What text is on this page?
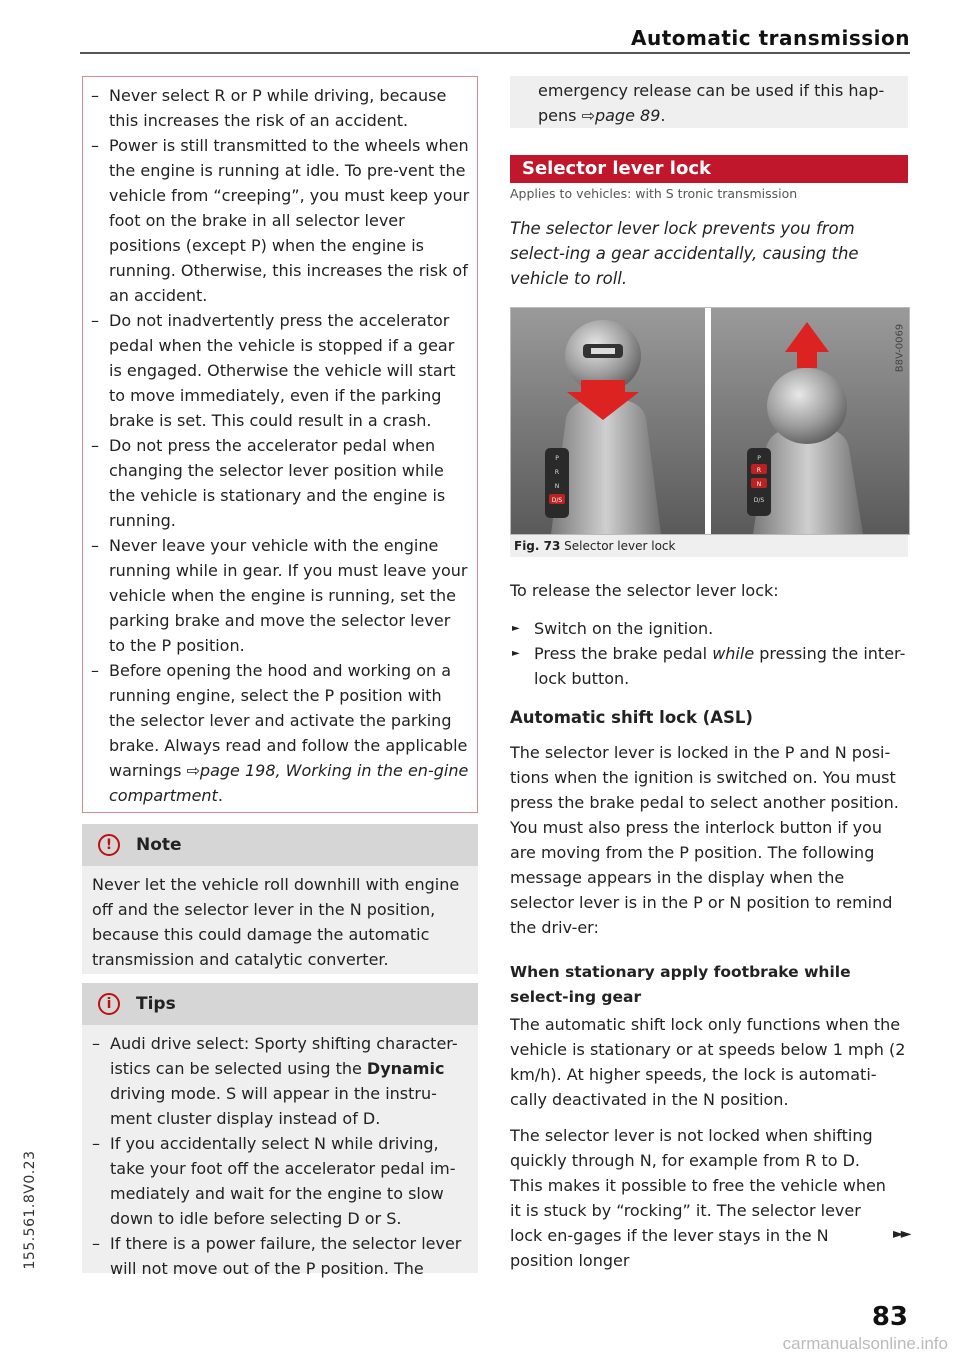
Automatic transmission
155.561.8V0.23
– Never select R or P while driving, because this increases the risk of an accident.
– Power is still transmitted to the wheels when the engine is running at idle. To pre-vent the vehicle from “creeping”, you must keep your foot on the brake in all selector lever positions (except P) when the engine is running. Otherwise, this increases the risk of an accident.
– Do not inadvertently press the accelerator pedal when the vehicle is stopped if a gear is engaged. Otherwise the vehicle will start to move immediately, even if the parking brake is set. This could result in a crash.
– Do not press the accelerator pedal when changing the selector lever position while the vehicle is stationary and the engine is running.
– Never leave your vehicle with the engine running while in gear. If you must leave your vehicle when the engine is running, set the parking brake and move the selector lever to the P position.
– Before opening the hood and working on a running engine, select the P position with the selector lever and activate the parking brake. Always read and follow the applicable warnings ⇨page 198, Working in the en-gine compartment.
!	Note
Never let the vehicle roll downhill with engine off and the selector lever in the N position, because this could damage the automatic transmission and catalytic converter.
i	Tips
– Audi drive select: Sporty shifting character-istics can be selected using the Dynamic driving mode. S will appear in the instru-ment cluster display instead of D.
– If you accidentally select N while driving, take your foot off the accelerator pedal im-mediately and wait for the engine to slow down to idle before selecting D or S.
– If there is a power failure, the selector lever will not move out of the P position. The
emergency release can be used if this hap-pens ⇨page 89.
Selector lever lock
Applies to vehicles: with S tronic transmission
The selector lever lock prevents you from select-ing a gear accidentally, causing the vehicle to roll.
P
R
N
D/S
P
R
N
D/S
B8V-0069
Fig. 73 Selector lever lock
To release the selector lever lock:
► Switch on the ignition.
► Press the brake pedal while pressing the inter-lock button.
Automatic shift lock (ASL)
The selector lever is locked in the P and N posi-tions when the ignition is switched on. You must press the brake pedal to select another position. You must also press the interlock button if you are moving from the P position. The following message appears in the display when the selector lever is in the P or N position to remind the driv-er:
When stationary apply footbrake while select-ing gear
The automatic shift lock only functions when the vehicle is stationary or at speeds below 1 mph (2 km/h). At higher speeds, the lock is automati-cally deactivated in the N position.
The selector lever is not locked when shifting quickly through N, for example from R to D. This makes it possible to free the vehicle when it is stuck by “rocking” it. The selector lever lock en-gages if the lever stays in the N position longer
►►
83
carmanualsonline.info
